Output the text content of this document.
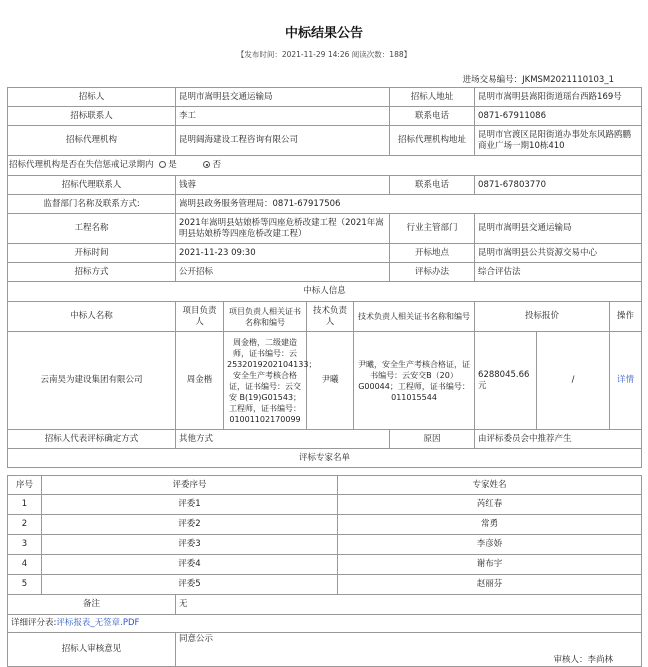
中标结果公告
【发布时间：2021-11-29 14:26 阅读次数：188】
进场交易编号：JKMSM2021110103_1
招标人	昆明市嵩明县交通运输局				招标人地址	昆明市嵩明县嵩阳街道瑶台西路169号		
招标联系人	李工				联系电话	0871-67911086		
招标代理机构	昆明阔海建设工程咨询有限公司				招标代理机构地址	昆明市官渡区昆阳街道办事处东风路鸥鹏商业广场一期10栋410		
招标代理机构是否在失信惩戒记录期内 是 否								
招标代理联系人	钱蓉				联系电话	0871-67803770		
监督部门名称及联系方式:	嵩明县政务服务管理局：0871-67917506							
工程名称	2021年嵩明县姑娘桥等四座危桥改建工程（2021年嵩明县姑娘桥等四座危桥改建工程）				行业主管部门	昆明市嵩明县交通运输局		
开标时间	2021-11-23 09:30				开标地点	昆明市嵩明县公共资源交易中心		
招标方式	公开招标				评标办法	综合评估法		
中标人信息								
中标人名称	项目负责人	项目负责人相关证书名称和编号	技术负责人	技术负责人相关证书名称和编号		投标报价		操作
云南昊为建设集团有限公司	周金楷	周金楷，二级建造师，证书编号：云2532019202104133；安全生产考核合格证，证书编号：云交安 B(19)G01543；工程师，证书编号：01001102170099	尹曦	尹曦，安全生产考核合格证，证书编号：云安交B（20）G00044；工程师，证书编号：011015544		6288045.66元	/	详情
招标人代表评标确定方式	其他方式				原因	由评标委员会中推荐产生		
评标专家名单								
序号	评委序号	专家姓名
1	评委1	芮红春
2	评委2	常勇
3	评委3	李彦娇
4	评委4	谢布宇
5	评委5	赵丽芬
备注	无
详细评分表:评标报表_无签章.PDF	
招标人审核意见	同意公示
审核人：李尚林
